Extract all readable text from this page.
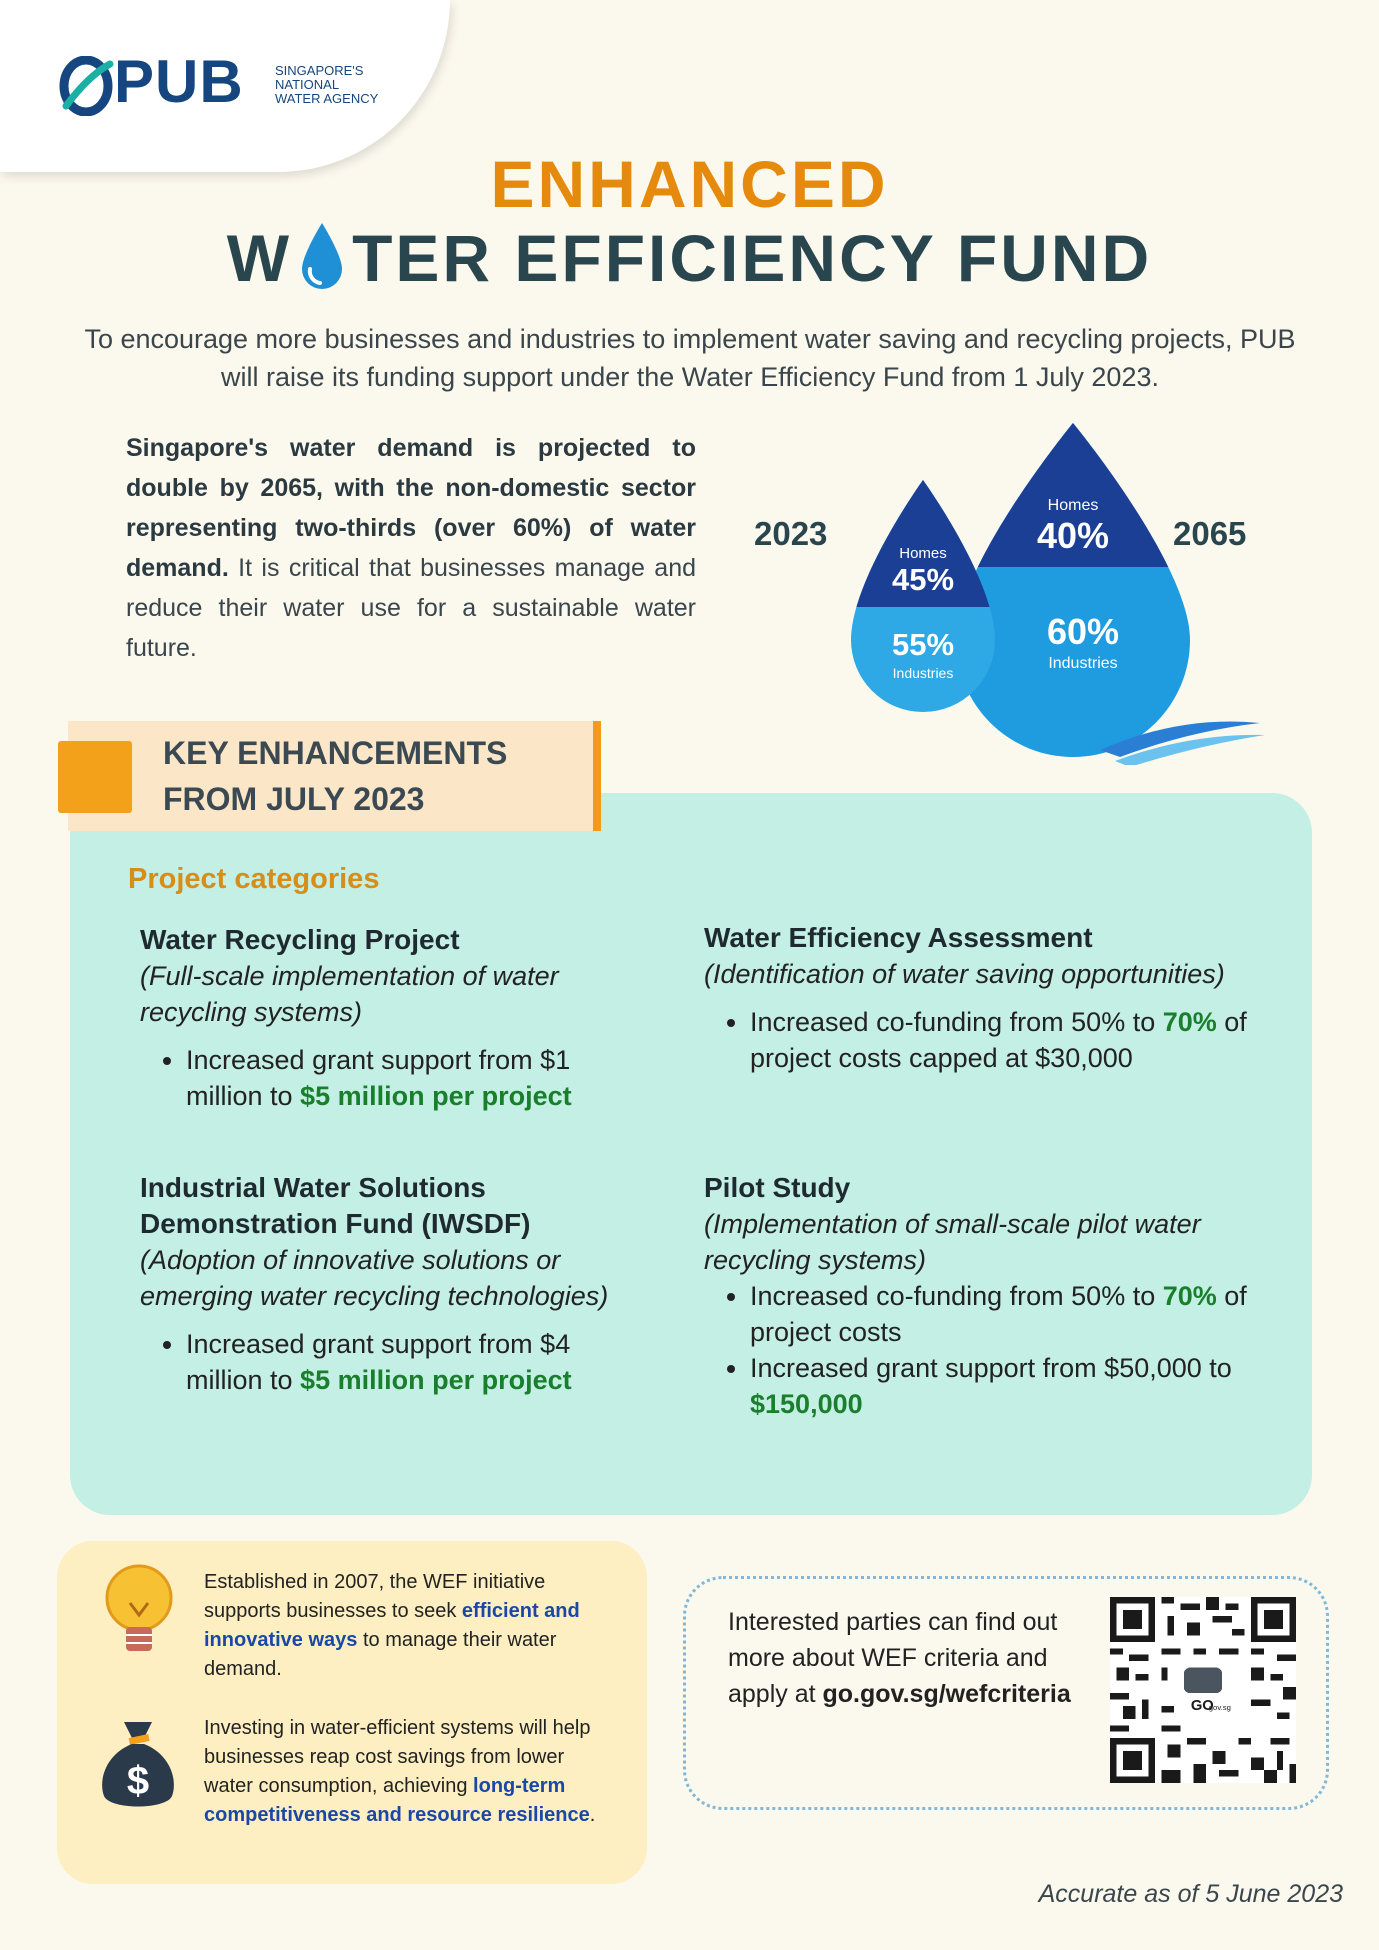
PUB SINGAPORE'S
NATIONAL
WATER AGENCY
ENHANCED
W TER EFFICIENCY FUND
To encourage more businesses and industries to implement water saving and recycling projects, PUB will raise its funding support under the Water Efficiency Fund from 1 July 2023.
Singapore's water demand is projected to double by 2065, with the non-domestic sector representing two-thirds (over 60%) of water demand. It is critical that businesses manage and reduce their water use for a sustainable water future.
2023	2065
Homes
45%
55%
Industries
Homes
40%
60%
Industries
KEY ENHANCEMENTS
FROM JULY 2023
Project categories
Water Recycling Project
(Full-scale implementation of water recycling systems)
• Increased grant support from $1 million to $5 million per project
Water Efficiency Assessment
(Identification of water saving opportunities)
• Increased co-funding from 50% to 70% of project costs capped at $30,000
Industrial Water Solutions Demonstration Fund (IWSDF)
(Adoption of innovative solutions or emerging water recycling technologies)
• Increased grant support from $4 million to $5 million per project
Pilot Study
(Implementation of small-scale pilot water recycling systems)
• Increased co-funding from 50% to 70% of project costs
• Increased grant support from $50,000 to $150,000
Established in 2007, the WEF initiative supports businesses to seek efficient and innovative ways to manage their water demand.
$
Investing in water-efficient systems will help businesses reap cost savings from lower water consumption, achieving long-term competitiveness and resource resilience.
Interested parties can find out more about WEF criteria and apply at go.gov.sg/wefcriteria	GO
gov.sg
Accurate as of 5 June 2023
